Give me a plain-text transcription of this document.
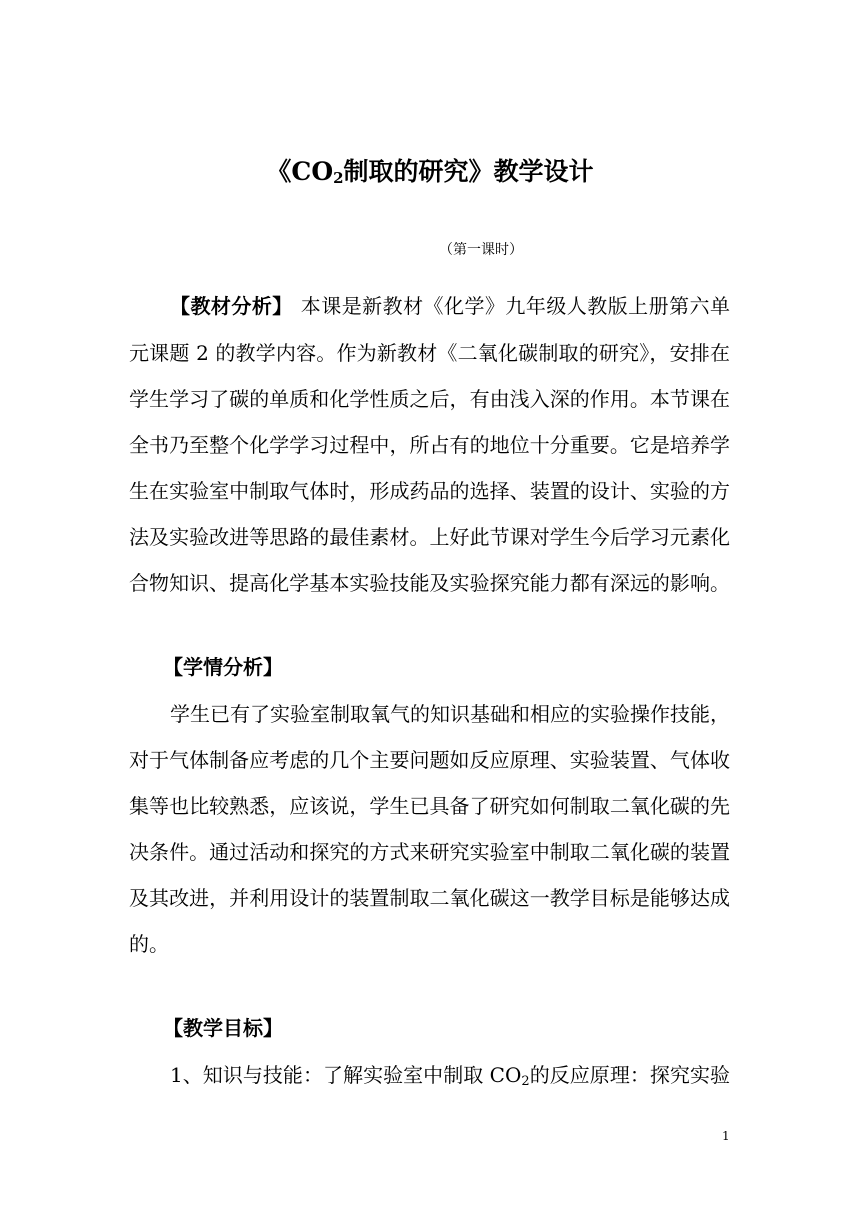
《$CO_2$制取的研究》教学设计
（第一课时）
【教材分析】 本课是新教材《化学》九年级人教版上册第六单
元课题 2 的教学内容。作为新教材《二氧化碳制取的研究》，安排在
学生学习了碳的单质和化学性质之后，有由浅入深的作用。本节课在
全书乃至整个化学学习过程中，所占有的地位十分重要。它是培养学
生在实验室中制取气体时，形成药品的选择、装置的设计、实验的方
法及实验改进等思路的最佳素材。上好此节课对学生今后学习元素化
合物知识、提高化学基本实验技能及实验探究能力都有深远的影响。
【学情分析】
学生已有了实验室制取氧气的知识基础和相应的实验操作技能，
对于气体制备应考虑的几个主要问题如反应原理、实验装置、气体收
集等也比较熟悉，应该说，学生已具备了研究如何制取二氧化碳的先
决条件。通过活动和探究的方式来研究实验室中制取二氧化碳的装置
及其改进，并利用设计的装置制取二氧化碳这一教学目标是能够达成
的。
【教学目标】
1、知识与技能：了解实验室中制取 $CO_2$的反应原理：探究实验
1
